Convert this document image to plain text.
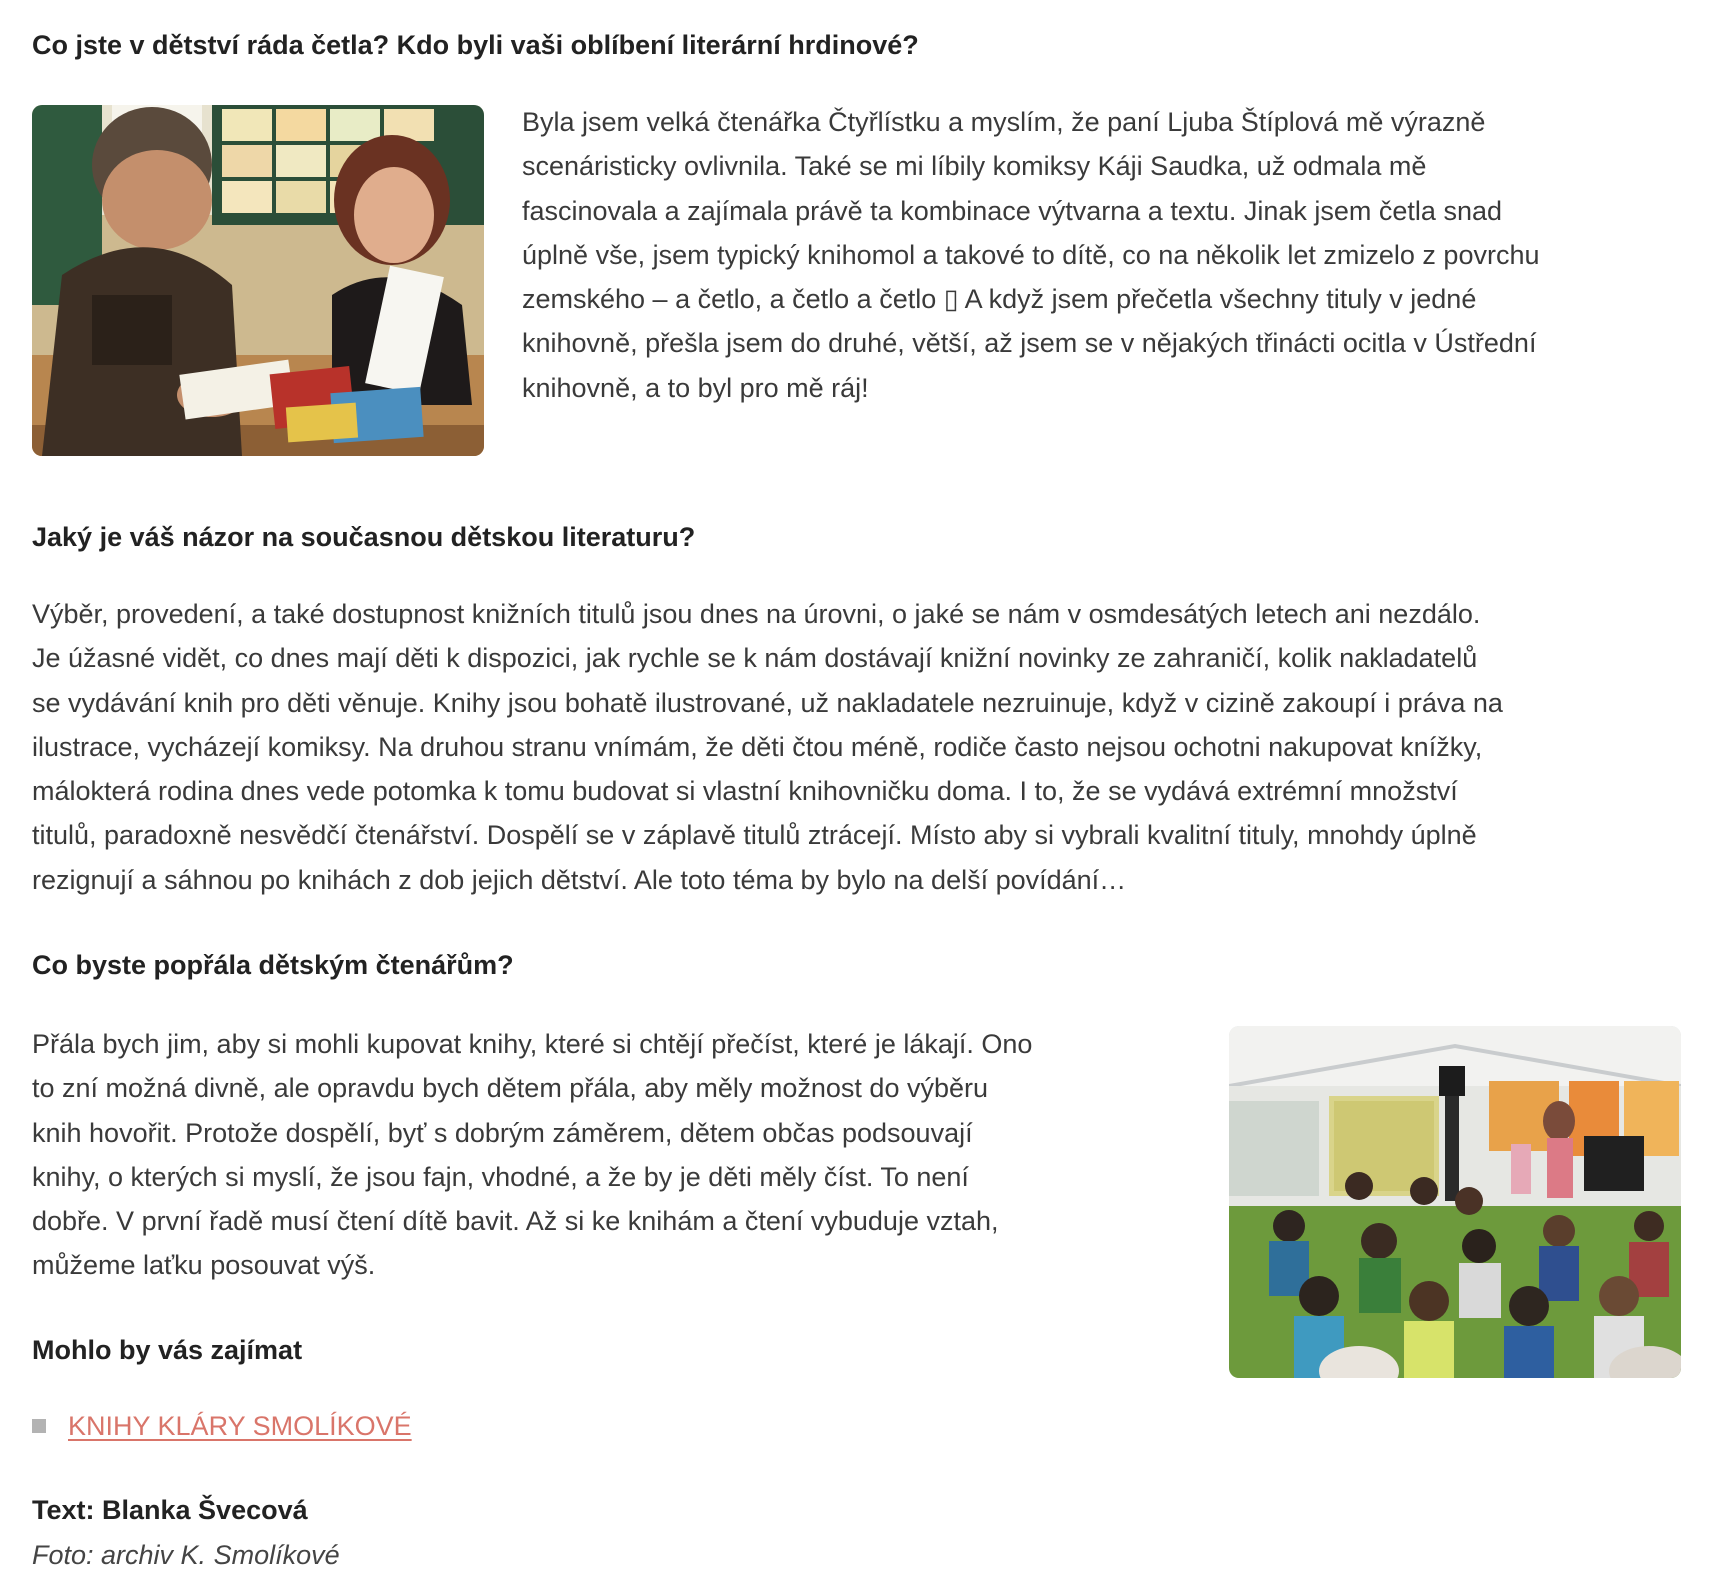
Co jste v dětství ráda četla? Kdo byli vaši oblíbení literární hrdinové?

Byla jsem velká čtenářka Čtyřlístku a myslím, že paní Ljuba Štíplová mě výrazně
scenáristicky ovlivnila. Také se mi líbily komiksy Káji Saudka, už odmala mě
fascinovala a zajímala právě ta kombinace výtvarna a textu. Jinak jsem četla snad
úplně vše, jsem typický knihomol a takové to dítě, co na několik let zmizelo z povrchu
zemského – a četlo, a četlo a četlo ▯ A když jsem přečetla všechny tituly v jedné
knihovně, přešla jsem do druhé, větší, až jsem se v nějakých třinácti ocitla v Ústřední
knihovně, a to byl pro mě ráj!

Jaký je váš názor na současnou dětskou literaturu?

Výběr, provedení, a také dostupnost knižních titulů jsou dnes na úrovni, o jaké se nám v osmdesátých letech ani nezdálo.
Je úžasné vidět, co dnes mají děti k dispozici, jak rychle se k nám dostávají knižní novinky ze zahraničí, kolik nakladatelů
se vydávání knih pro děti věnuje. Knihy jsou bohatě ilustrované, už nakladatele nezruinuje, když v cizině zakoupí i práva na
ilustrace, vycházejí komiksy. Na druhou stranu vnímám, že děti čtou méně, rodiče často nejsou ochotni nakupovat knížky,
málokterá rodina dnes vede potomka k tomu budovat si vlastní knihovničku doma. I to, že se vydává extrémní množství
titulů, paradoxně nesvědčí čtenářství. Dospělí se v záplavě titulů ztrácejí. Místo aby si vybrali kvalitní tituly, mnohdy úplně
rezignují a sáhnou po knihách z dob jejich dětství. Ale toto téma by bylo na delší povídání…

Co byste popřála dětským čtenářům?

Přála bych jim, aby si mohli kupovat knihy, které si chtějí přečíst, které je lákají. Ono
to zní možná divně, ale opravdu bych dětem přála, aby měly možnost do výběru
knih hovořit. Protože dospělí, byť s dobrým záměrem, dětem občas podsouvají
knihy, o kterých si myslí, že jsou fajn, vhodné, a že by je děti měly číst. To není
dobře. V první řadě musí čtení dítě bavit. Až si ke knihám a čtení vybuduje vztah,
můžeme laťku posouvat výš.

Mohlo by vás zajímat
KNIHY KLÁRY SMOLÍKOVÉ

Text: Blanka Švecová

Foto: archiv K. Smolíkové
